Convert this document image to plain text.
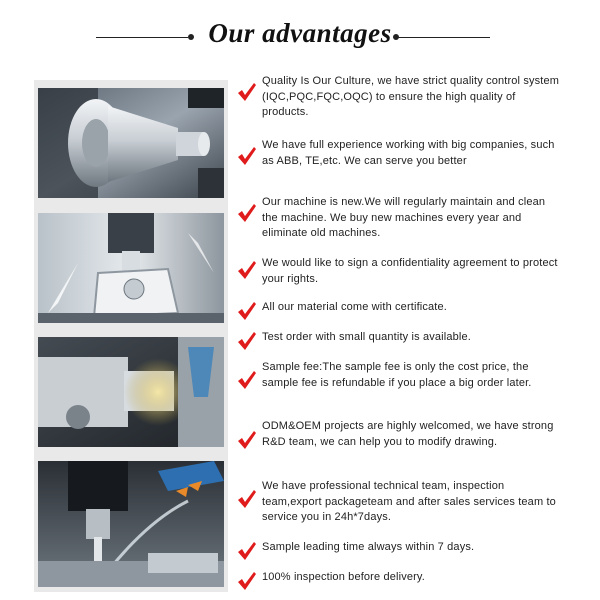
Our advantages
Quality Is Our Culture, we have strict quality control system (IQC,PQC,FQC,OQC) to ensure the high quality of products.
We have full experience working with big companies, such as ABB, TE,etc. We can serve you better
Our machine is new.We will regularly maintain and clean the machine. We buy new machines every year and eliminate old machines.
We would like to sign a confidentiality agreement to protect your rights.
All our material come with certificate.
Test order with small quantity is available.
Sample fee:The sample fee is only the cost price, the sample fee is refundable if you place a big order later.
ODM&OEM projects are highly welcomed, we have strong R&D team, we can help you to modify drawing.
We have professional technical team, inspection team,export packageteam and after sales services team to service you in 24h*7days.
Sample leading time always within 7 days.
100% inspection before delivery.
